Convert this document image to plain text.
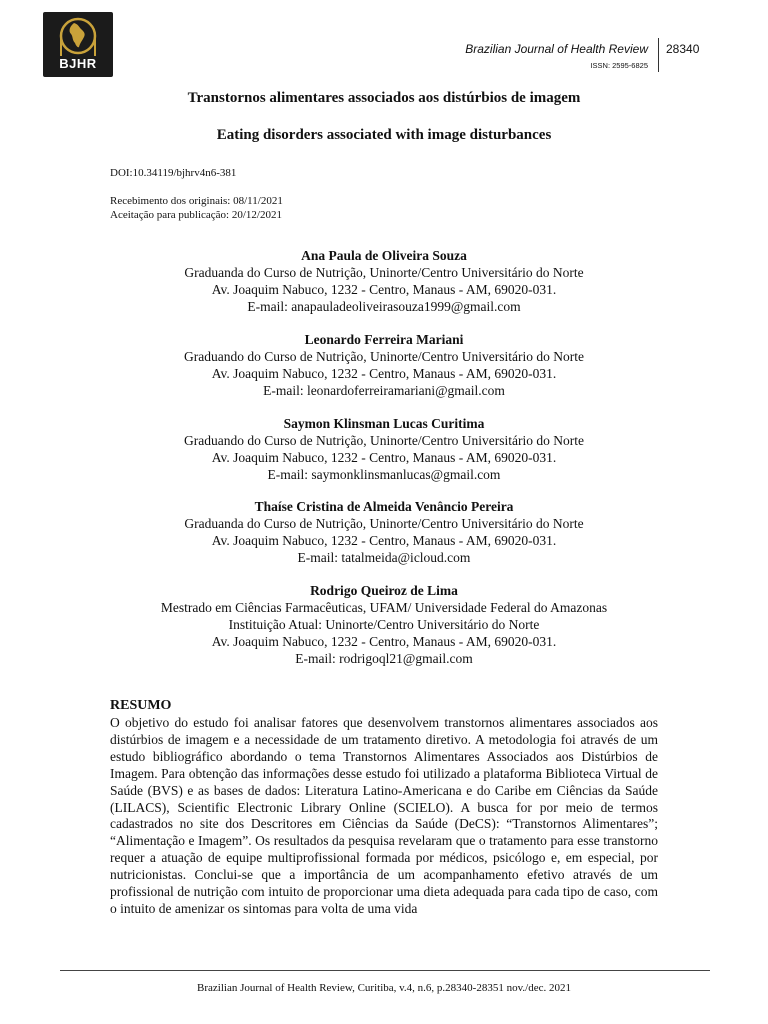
BJHR
Brazilian Journal of Health Review
ISSN: 2595-6825
28340
Transtornos alimentares associados aos distúrbios de imagem
Eating disorders associated with image disturbances
DOI:10.34119/bjhrv4n6-381
Recebimento dos originais: 08/11/2021
Aceitação para publicação: 20/12/2021
Ana Paula de Oliveira Souza
Graduanda do Curso de Nutrição, Uninorte/Centro Universitário do Norte
Av. Joaquim Nabuco, 1232 - Centro, Manaus - AM, 69020-031.
E-mail: anapauladeoliveirasouza1999@gmail.com
Leonardo Ferreira Mariani
Graduando do Curso de Nutrição, Uninorte/Centro Universitário do Norte
Av. Joaquim Nabuco, 1232 - Centro, Manaus - AM, 69020-031.
E-mail: leonardoferreiramariani@gmail.com
Saymon Klinsman Lucas Curitima
Graduando do Curso de Nutrição, Uninorte/Centro Universitário do Norte
Av. Joaquim Nabuco, 1232 - Centro, Manaus - AM, 69020-031.
E-mail: saymonklinsmanlucas@gmail.com
Thaíse Cristina de Almeida Venâncio Pereira
Graduanda do Curso de Nutrição, Uninorte/Centro Universitário do Norte
Av. Joaquim Nabuco, 1232 - Centro, Manaus - AM, 69020-031.
E-mail: tatalmeida@icloud.com
Rodrigo Queiroz de Lima
Mestrado em Ciências Farmacêuticas, UFAM/ Universidade Federal do Amazonas
Instituição Atual: Uninorte/Centro Universitário do Norte
Av. Joaquim Nabuco, 1232 - Centro, Manaus - AM, 69020-031.
E-mail: rodrigoql21@gmail.com
RESUMO

O objetivo do estudo foi analisar fatores que desenvolvem transtornos alimentares associados aos distúrbios de imagem e a necessidade de um tratamento diretivo. A metodologia foi através de um estudo bibliográfico abordando o tema Transtornos Alimentares Associados aos Distúrbios de Imagem. Para obtenção das informações desse estudo foi utilizado a plataforma Biblioteca Virtual de Saúde (BVS) e as bases de dados: Literatura Latino-Americana e do Caribe em Ciências da Saúde (LILACS), Scientific Electronic Library Online (SCIELO). A busca for por meio de termos cadastrados no site dos Descritores em Ciências da Saúde (DeCS): “Transtornos Alimentares”; “Alimentação e Imagem”. Os resultados da pesquisa revelaram que o tratamento para esse transtorno requer a atuação de equipe multiprofissional formada por médicos, psicólogo e, em especial, por nutricionistas. Conclui-se que a importância de um acompanhamento efetivo através de um profissional de nutrição com intuito de proporcionar uma dieta adequada para cada tipo de caso, com o intuito de amenizar os sintomas para volta de uma vida

Brazilian Journal of Health Review, Curitiba, v.4, n.6, p.28340-28351 nov./dec. 2021
